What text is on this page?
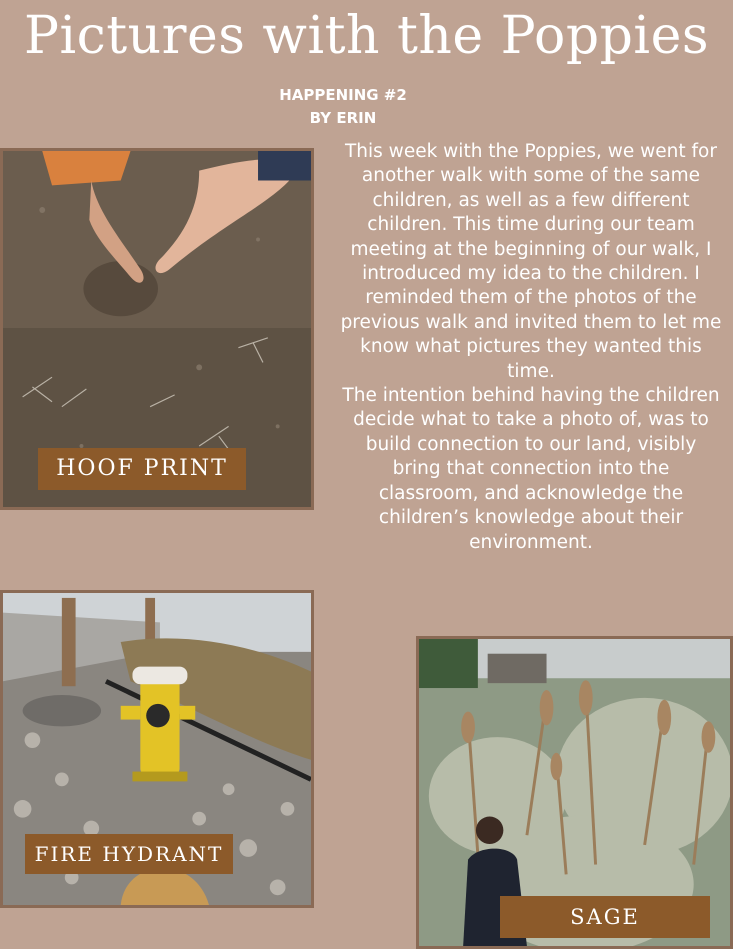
Pictures with the Poppies
HAPPENING #2
BY ERIN

This week with the Poppies, we went for another walk with some of the same children, as well as a few different children. This time during our team meeting at the beginning of our walk, I introduced my idea to the children. I reminded them of the photos of the previous walk and invited them to let me know what pictures they wanted this time.

The intention behind having the children decide what to take a photo of, was to build connection to our land, visibly bring that connection into the classroom, and acknowledge the children’s knowledge about their environment.

HOOF PRINT
FIRE HYDRANT
SAGE
